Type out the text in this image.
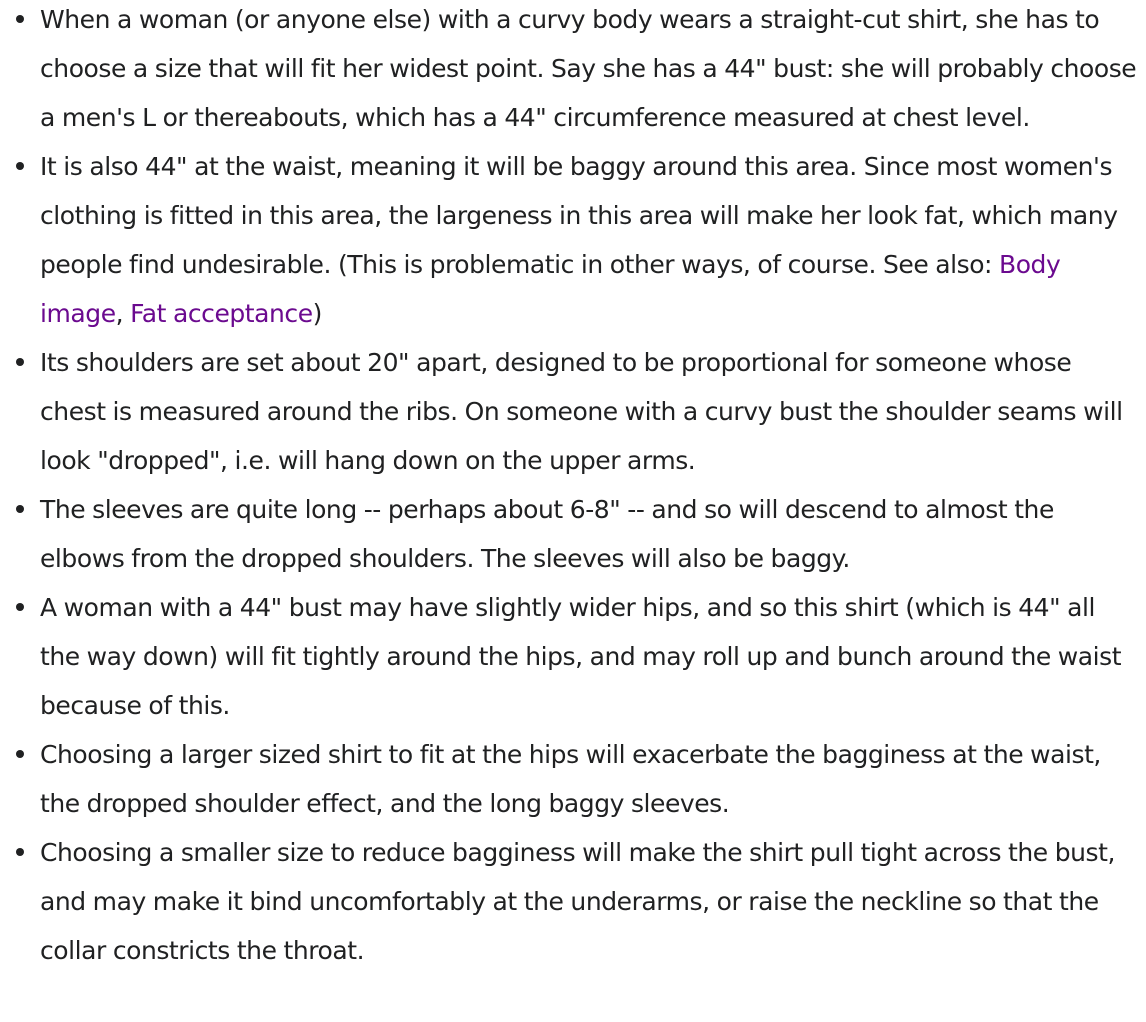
When a woman (or anyone else) with a curvy body wears a straight-cut shirt, she has to choose a size that will fit her widest point. Say she has a 44" bust: she will probably choose a men's L or thereabouts, which has a 44" circumference measured at chest level.
It is also 44" at the waist, meaning it will be baggy around this area. Since most women's clothing is fitted in this area, the largeness in this area will make her look fat, which many people find undesirable. (This is problematic in other ways, of course. See also: Body image, Fat acceptance)
Its shoulders are set about 20" apart, designed to be proportional for someone whose chest is measured around the ribs. On someone with a curvy bust the shoulder seams will look "dropped", i.e. will hang down on the upper arms.
The sleeves are quite long -- perhaps about 6-8" -- and so will descend to almost the elbows from the dropped shoulders. The sleeves will also be baggy.
A woman with a 44" bust may have slightly wider hips, and so this shirt (which is 44" all the way down) will fit tightly around the hips, and may roll up and bunch around the waist because of this.
Choosing a larger sized shirt to fit at the hips will exacerbate the bagginess at the waist, the dropped shoulder effect, and the long baggy sleeves.
Choosing a smaller size to reduce bagginess will make the shirt pull tight across the bust, and may make it bind uncomfortably at the underarms, or raise the neckline so that the collar constricts the throat.
